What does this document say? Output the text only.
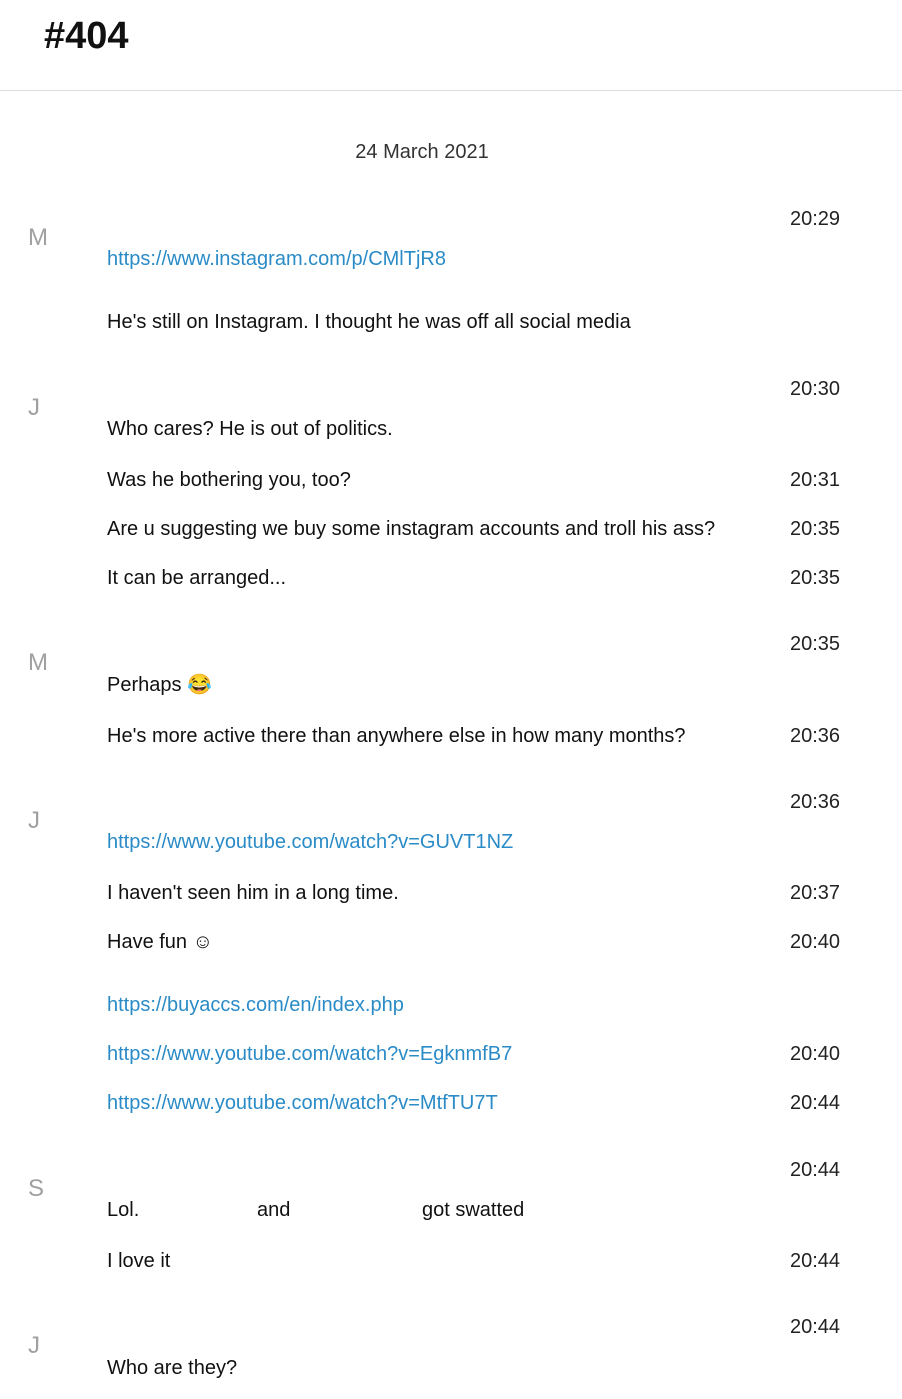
#404
24 March 2021
M
20:29
https://www.instagram.com/p/CMlTjR8
He's still on Instagram. I thought he was off all social media
J
20:30
Who cares? He is out of politics.
Was he bothering you, too?	20:31
Are u suggesting we buy some instagram accounts and troll his ass?	20:35
It can be arranged...	20:35
M
20:35
Perhaps 😂
He's more active there than anywhere else in how many months?	20:36
J
20:36
https://www.youtube.com/watch?v=GUVT1NZ
I haven't seen him in a long time.	20:37
Have fun ☺	20:40
https://buyaccs.com/en/index.php
https://www.youtube.com/watch?v=EgknmfB7	20:40
https://www.youtube.com/watch?v=MtfTU7T	20:44
S
20:44
Lol.	and	got swatted
I love it	20:44
J
20:44
Who are they?
